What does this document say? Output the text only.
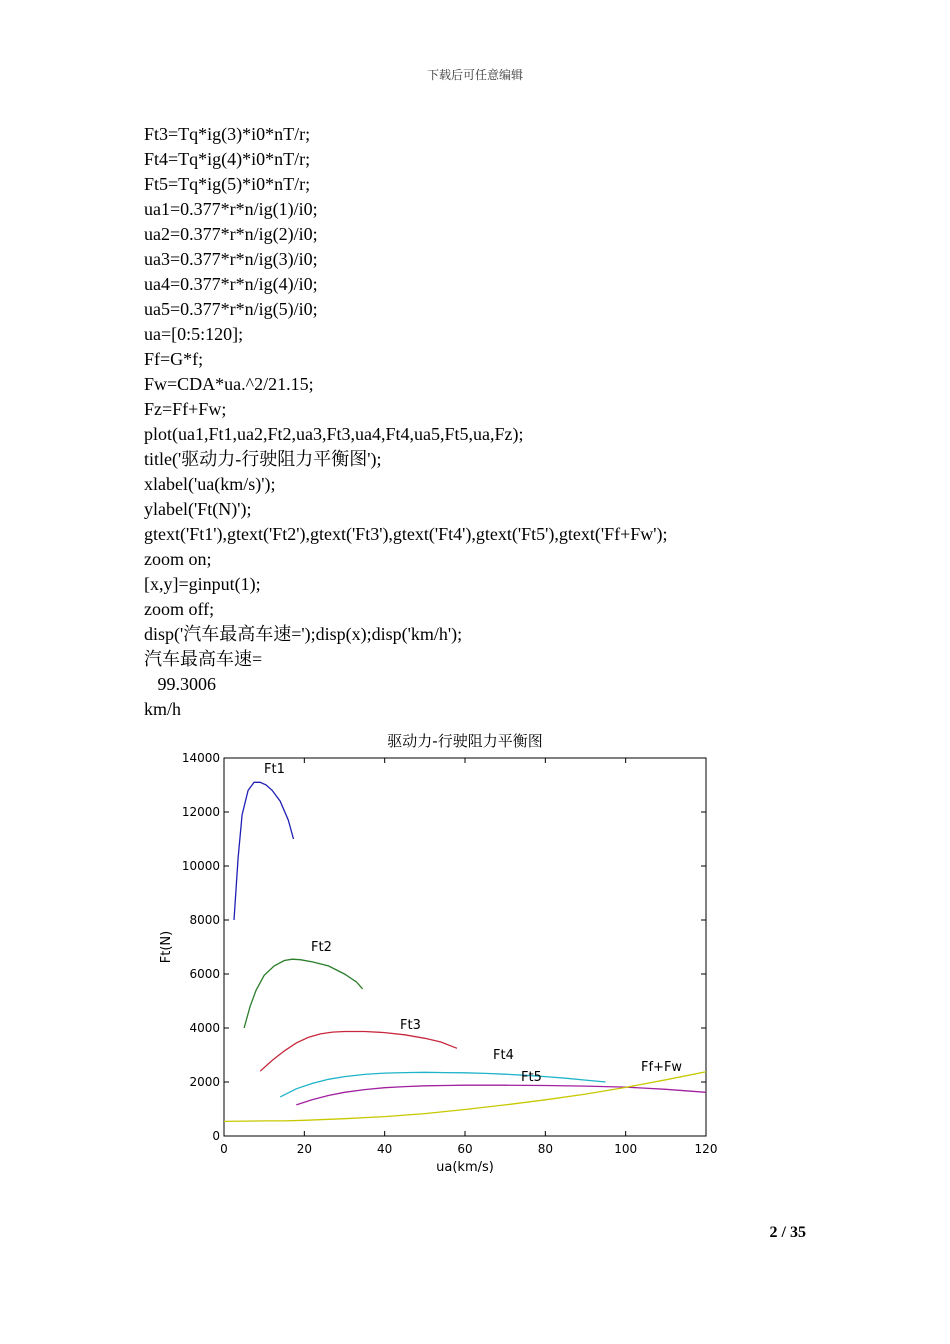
下载后可任意编辑
Ft3=Tq*ig(3)*i0*nT/r;
Ft4=Tq*ig(4)*i0*nT/r;
Ft5=Tq*ig(5)*i0*nT/r;
ua1=0.377*r*n/ig(1)/i0;
ua2=0.377*r*n/ig(2)/i0;
ua3=0.377*r*n/ig(3)/i0;
ua4=0.377*r*n/ig(4)/i0;
ua5=0.377*r*n/ig(5)/i0;
ua=[0:5:120];
Ff=G*f;
Fw=CDA*ua.^2/21.15;
Fz=Ff+Fw;
plot(ua1,Ft1,ua2,Ft2,ua3,Ft3,ua4,Ft4,ua5,Ft5,ua,Fz);
title('驱动力-行驶阻力平衡图');
xlabel('ua(km/s)');
ylabel('Ft(N)');
gtext('Ft1'),gtext('Ft2'),gtext('Ft3'),gtext('Ft4'),gtext('Ft5'),gtext('Ff+Fw');
zoom on;
[x,y]=ginput(1);
zoom off;
disp('汽车最高车速=');disp(x);disp('km/h');
汽车最高车速=
99.3006
km/h
驱动力-行驶阻力平衡图
0	20	40	60	80	100	120
0
2000
4000
6000
8000
10000
12000
14000
ua(km/s)
Ft(N)
Ft1
Ft2
Ft3
Ft4
Ft5
Ff+Fw
2 / 35
